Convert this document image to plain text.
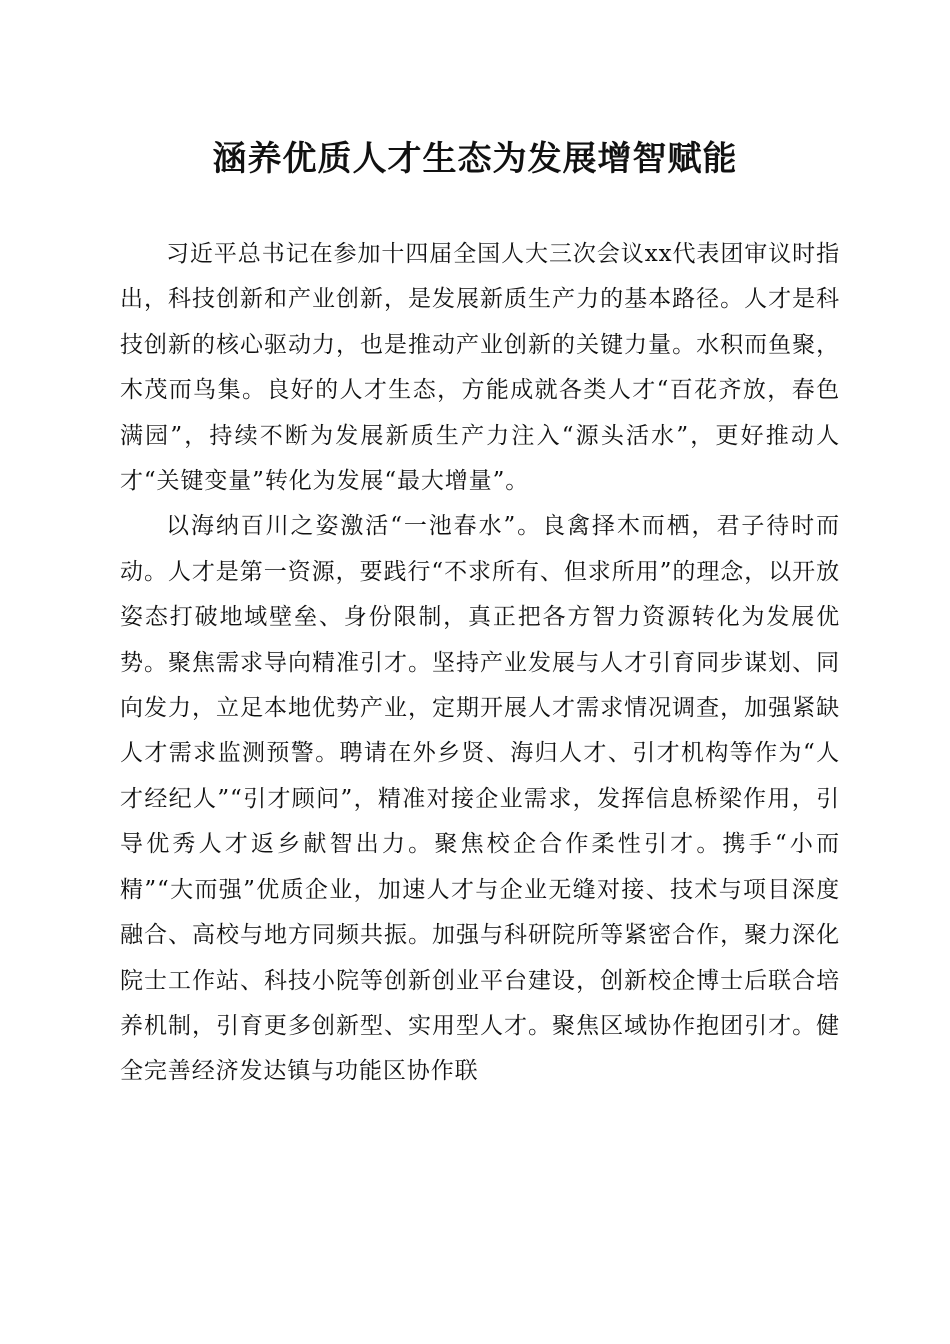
涵养优质人才生态为发展增智赋能

习近平总书记在参加十四届全国人大三次会议xx代表团审议时指出，科技创新和产业创新，是发展新质生产力的基本路径。人才是科技创新的核心驱动力，也是推动产业创新的关键力量。水积而鱼聚，木茂而鸟集。良好的人才生态，方能成就各类人才“百花齐放，春色满园”，持续不断为发展新质生产力注入“源头活水”，更好推动人才“关键变量”转化为发展“最大增量”。

以海纳百川之姿激活“一池春水”。良禽择木而栖，君子待时而动。人才是第一资源，要践行“不求所有、但求所用”的理念，以开放姿态打破地域壁垒、身份限制，真正把各方智力资源转化为发展优势。聚焦需求导向精准引才。坚持产业发展与人才引育同步谋划、同向发力，立足本地优势产业，定期开展人才需求情况调查，加强紧缺人才需求监测预警。聘请在外乡贤、海归人才、引才机构等作为“人才经纪人”“引才顾问”，精准对接企业需求，发挥信息桥梁作用，引导优秀人才返乡献智出力。聚焦校企合作柔性引才。携手“小而精”“大而强”优质企业，加速人才与企业无缝对接、技术与项目深度融合、高校与地方同频共振。加强与科研院所等紧密合作，聚力深化院士工作站、科技小院等创新创业平台建设，创新校企博士后联合培养机制，引育更多创新型、实用型人才。聚焦区域协作抱团引才。健全完善经济发达镇与功能区协作联
